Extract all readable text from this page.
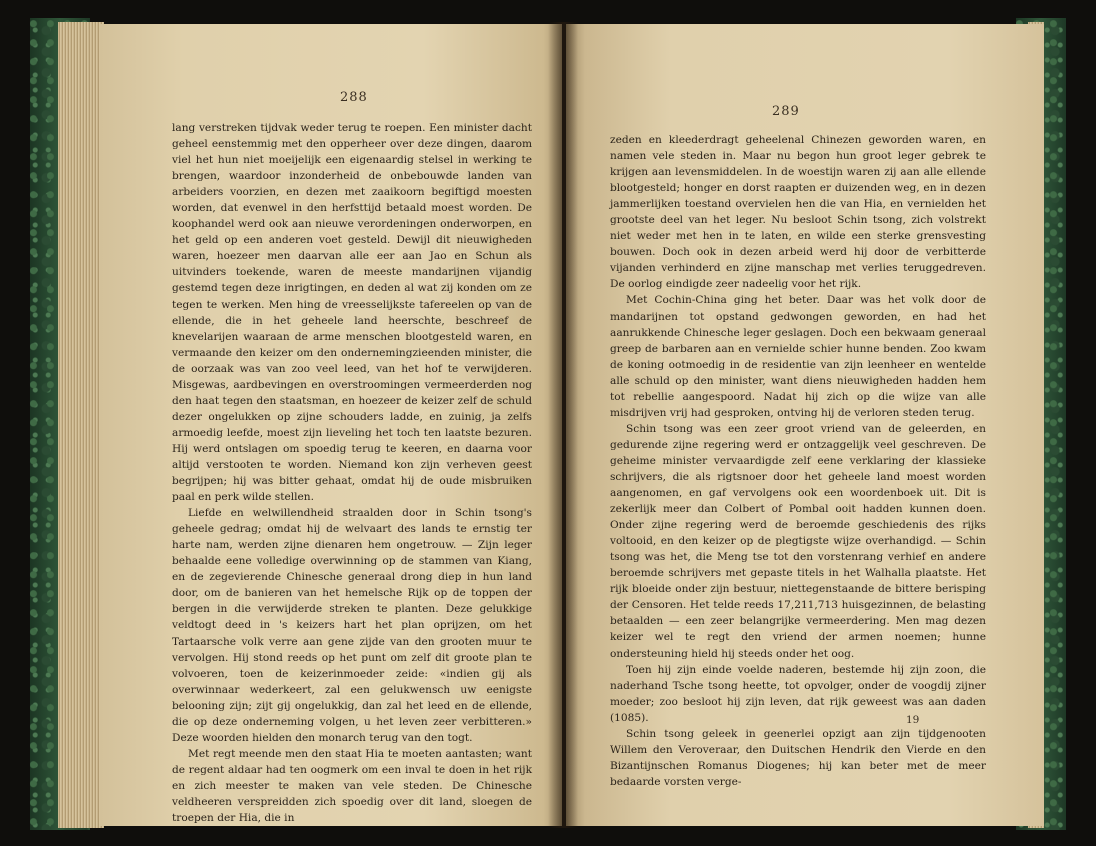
288

lang verstreken tijdvak weder terug te roepen. Een minister dacht geheel eenstemmig met den opperheer over deze dingen, daarom viel het hun niet moeijelijk een eigenaardig stelsel in werking te brengen, waardoor inzonderheid de onbebouwde landen van arbeiders voorzien, en dezen met zaaikoorn begiftigd moesten worden, dat evenwel in den herfsttijd betaald moest worden. De koophandel werd ook aan nieuwe verordeningen onderworpen, en het geld op een anderen voet gesteld. Dewijl dit nieuwigheden waren, hoezeer men daarvan alle eer aan Jao en Schun als uitvinders toekende, waren de meeste mandarijnen vijandig gestemd tegen deze inrigtingen, en deden al wat zij konden om ze tegen te werken. Men hing de vreesselijkste tafereelen op van de ellende, die in het geheele land heerschte, beschreef de knevelarijen waaraan de arme menschen blootgesteld waren, en vermaande den keizer om den ondernemingzieenden minister, die de oorzaak was van zoo veel leed, van het hof te verwijderen. Misgewas, aardbevingen en overstroomingen vermeerderden nog den haat tegen den staatsman, en hoezeer de keizer zelf de schuld dezer ongelukken op zijne schouders ladde, en zuinig, ja zelfs armoedig leefde, moest zijn lieveling het toch ten laatste bezuren. Hij werd ontslagen om spoedig terug te keeren, en daarna voor altijd verstooten te worden. Niemand kon zijn verheven geest begrijpen; hij was bitter gehaat, omdat hij de oude misbruiken paal en perk wilde stellen.

Liefde en welwillendheid straalden door in Schin tsong's geheele gedrag; omdat hij de welvaart des lands te ernstig ter harte nam, werden zijne dienaren hem ongetrouw. — Zijn leger behaalde eene volledige overwinning op de stammen van Kiang, en de zegevierende Chinesche generaal drong diep in hun land door, om de banieren van het hemelsche Rijk op de toppen der bergen in die verwijderde streken te planten. Deze gelukkige veldtogt deed in 's keizers hart het plan oprijzen, om het Tartaarsche volk verre aan gene zijde van den grooten muur te vervolgen. Hij stond reeds op het punt om zelf dit groote plan te volvoeren, toen de keizerinmoeder zeide: «indien gij als overwinnaar wederkeert, zal een gelukwensch uw eenigste belooning zijn; zijt gij ongelukkig, dan zal het leed en de ellende, die op deze onderneming volgen, u het leven zeer verbitteren.» Deze woorden hielden den monarch terug van den togt.

Met regt meende men den staat Hia te moeten aantasten; want de regent aldaar had ten oogmerk om een inval te doen in het rijk en zich meester te maken van vele steden. De Chinesche veldheeren verspreidden zich spoedig over dit land, sloegen de troepen der Hia, die in

289

zeden en kleederdragt geheelenal Chinezen geworden waren, en namen vele steden in. Maar nu begon hun groot leger gebrek te krijgen aan levensmiddelen. In de woestijn waren zij aan alle ellende blootgesteld; honger en dorst raapten er duizenden weg, en in dezen jammerlijken toestand overvielen hen die van Hia, en vernielden het grootste deel van het leger. Nu besloot Schin tsong, zich volstrekt niet weder met hen in te laten, en wilde een sterke grensvesting bouwen. Doch ook in dezen arbeid werd hij door de verbitterde vijanden verhinderd en zijne manschap met verlies teruggedreven. De oorlog eindigde zeer nadeelig voor het rijk.

Met Cochin-China ging het beter. Daar was het volk door de mandarijnen tot opstand gedwongen geworden, en had het aanrukkende Chinesche leger geslagen. Doch een bekwaam generaal greep de barbaren aan en vernielde schier hunne benden. Zoo kwam de koning ootmoedig in de residentie van zijn leenheer en wentelde alle schuld op den minister, want diens nieuwigheden hadden hem tot rebellie aangespoord. Nadat hij zich op die wijze van alle misdrijven vrij had gesproken, ontving hij de verloren steden terug.

Schin tsong was een zeer groot vriend van de geleerden, en gedurende zijne regering werd er ontzaggelijk veel geschreven. De geheime minister vervaardigde zelf eene verklaring der klassieke schrijvers, die als rigtsnoer door het geheele land moest worden aangenomen, en gaf vervolgens ook een woordenboek uit. Dit is zekerlijk meer dan Colbert of Pombal ooit hadden kunnen doen. Onder zijne regering werd de beroemde geschiedenis des rijks voltooid, en den keizer op de plegtigste wijze overhandigd. — Schin tsong was het, die Meng tse tot den vorstenrang verhief en andere beroemde schrijvers met gepaste titels in het Walhalla plaatste. Het rijk bloeide onder zijn bestuur, niettegenstaande de bittere berisping der Censoren. Het telde reeds 17,211,713 huisgezinnen, de belasting betaalden — een zeer belangrijke vermeerdering. Men mag dezen keizer wel te regt den vriend der armen noemen; hunne ondersteuning hield hij steeds onder het oog.

Toen hij zijn einde voelde naderen, bestemde hij zijn zoon, die naderhand Tsche tsong heette, tot opvolger, onder de voogdij zijner moeder; zoo besloot hij zijn leven, dat rijk geweest was aan daden (1085).

Schin tsong geleek in geenerlei opzigt aan zijn tijdgenooten Willem den Veroveraar, den Duitschen Hendrik den Vierde en den Bizantijnschen Romanus Diogenes; hij kan beter met de meer bedaarde vorsten verge-

19
